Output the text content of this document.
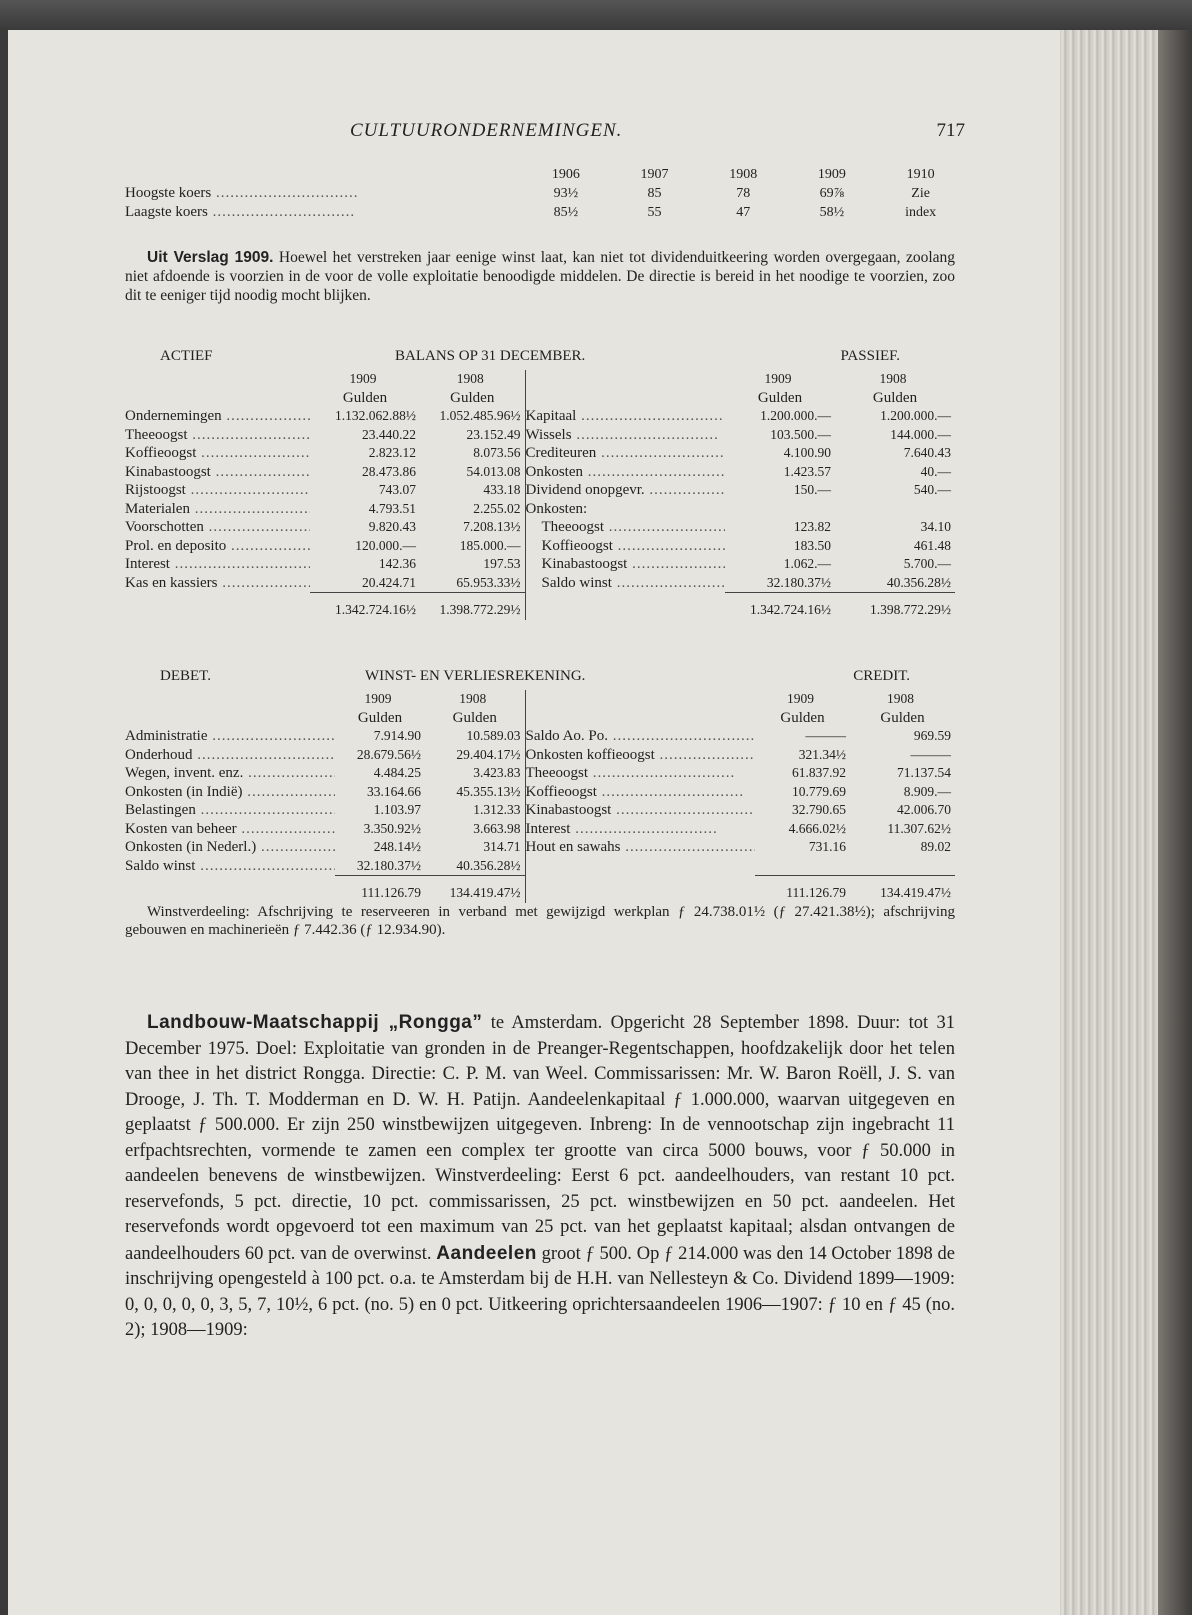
CULTUURONDERNEMINGEN.	717
	1906	1907	1908	1909	1910
Hoogste koers .....	93½	85	78	69⅞	Zie
Laagste koers .....	85½	55	47	58½	index
Uit Verslag 1909. Hoewel het verstreken jaar eenige winst laat, kan niet tot dividenduitkeering worden overgegaan, zoolang niet afdoende is voorzien in de voor de volle exploitatie benoodigde middelen. De directie is bereid in het noodige te voorzien, zoo dit te eeniger tijd noodig mocht blijken.
ACTIEF	BALANS OP 31 DECEMBER.	PASSIEF.
	1909	1908		1909	1908
	Gulden	Gulden		Gulden	Gulden
Ondernemingen .....	1.132.062.88½	1.052.485.96½	Kapitaal .....	1.200.000.—	1.200.000.—
Theeoogst .....	23.440.22	23.152.49	Wissels .....	103.500.—	144.000.—
Koffieoogst .....	2.823.12	8.073.56	Crediteuren .....	4.100.90	7.640.43
Kinabastoogst .....	28.473.86	54.013.08	Onkosten .....	1.423.57	40.—
Rijstoogst .....	743.07	433.18	Dividend onopgevr. .....	150.—	540.—
Materialen .....	4.793.51	2.255.02	Onkosten:		
Voorschotten .....	9.820.43	7.208.13½	Theeoogst .....	123.82	34.10
Prol. en deposito .....	120.000.—	185.000.—	Koffieoogst .....	183.50	461.48
Interest .....	142.36	197.53	Kinabastoogst .....	1.062.—	5.700.—
Kas en kassiers .....	20.424.71	65.953.33½	Saldo winst .....	32.180.37½	40.356.28½
	1.342.724.16½	1.398.772.29½		1.342.724.16½	1.398.772.29½
DEBET.	WINST- EN VERLIESREKENING.	CREDIT.
	1909	1908		1909	1908
	Gulden	Gulden		Gulden	Gulden
Administratie .....	7.914.90	10.589.03	Saldo Ao. Po. .....	———	969.59
Onderhoud .....	28.679.56½	29.404.17½	Onkosten koffieoogst .....	321.34½	———
Wegen, invent. enz. .....	4.484.25	3.423.83	Theeoogst .....	61.837.92	71.137.54
Onkosten (in Indië) .....	33.164.66	45.355.13½	Koffieoogst .....	10.779.69	8.909.—
Belastingen .....	1.103.97	1.312.33	Kinabastoogst .....	32.790.65	42.006.70
Kosten van beheer .....	3.350.92½	3.663.98	Interest .....	4.666.02½	11.307.62½
Onkosten (in Nederl.) .....	248.14½	314.71	Hout en sawahs .....	731.16	89.02
Saldo winst .....	32.180.37½	40.356.28½			
	111.126.79	134.419.47½		111.126.79	134.419.47½
Winstverdeeling: Afschrijving te reserveeren in verband met gewijzigd werkplan ƒ 24.738.01½ (ƒ 27.421.38½); afschrijving gebouwen en machinerieën ƒ 7.442.36 (ƒ 12.934.90).
Landbouw-Maatschappij „Rongga” te Amsterdam. Opgericht 28 September 1898. Duur: tot 31 December 1975. Doel: Exploitatie van gronden in de Preanger-Regentschappen, hoofdzakelijk door het telen van thee in het district Rongga. Directie: C. P. M. van Weel. Commissarissen: Mr. W. Baron Roëll, J. S. van Drooge, J. Th. T. Modderman en D. W. H. Patijn. Aandeelenkapitaal ƒ 1.000.000, waarvan uitgegeven en geplaatst ƒ 500.000. Er zijn 250 winstbewijzen uitgegeven. Inbreng: In de vennootschap zijn ingebracht 11 erfpachtsrechten, vormende te zamen een complex ter grootte van circa 5000 bouws, voor ƒ 50.000 in aandeelen benevens de winstbewijzen. Winstverdeeling: Eerst 6 pct. aandeelhouders, van restant 10 pct. reservefonds, 5 pct. directie, 10 pct. commissarissen, 25 pct. winstbewijzen en 50 pct. aandeelen. Het reservefonds wordt opgevoerd tot een maximum van 25 pct. van het geplaatst kapitaal; alsdan ontvangen de aandeelhouders 60 pct. van de overwinst. Aandeelen groot ƒ 500. Op ƒ 214.000 was den 14 October 1898 de inschrijving opengesteld à 100 pct. o.a. te Amsterdam bij de H.H. van Nellesteyn & Co. Dividend 1899—1909: 0, 0, 0, 0, 0, 3, 5, 7, 10½, 6 pct. (no. 5) en 0 pct. Uitkeering oprichtersaandeelen 1906—1907: ƒ 10 en ƒ 45 (no. 2); 1908—1909:
